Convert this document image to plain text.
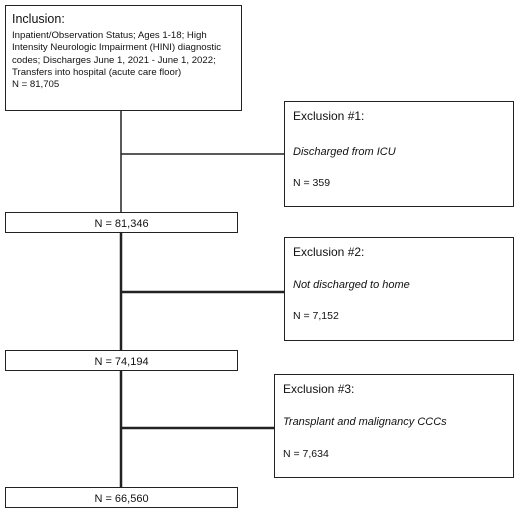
Inclusion:
Inpatient/Observation Status; Ages 1-18; High Intensity Neurologic Impairment (HINI) diagnostic codes; Discharges June 1, 2021 - June 1, 2022; Transfers into hospital (acute care floor)
N = 81,705
Exclusion #1:
Discharged from ICU
N = 359
N = 81,346
Exclusion #2:
Not discharged to home
N = 7,152
N = 74,194
Exclusion #3:
Transplant and malignancy CCCs
N = 7,634
N = 66,560
